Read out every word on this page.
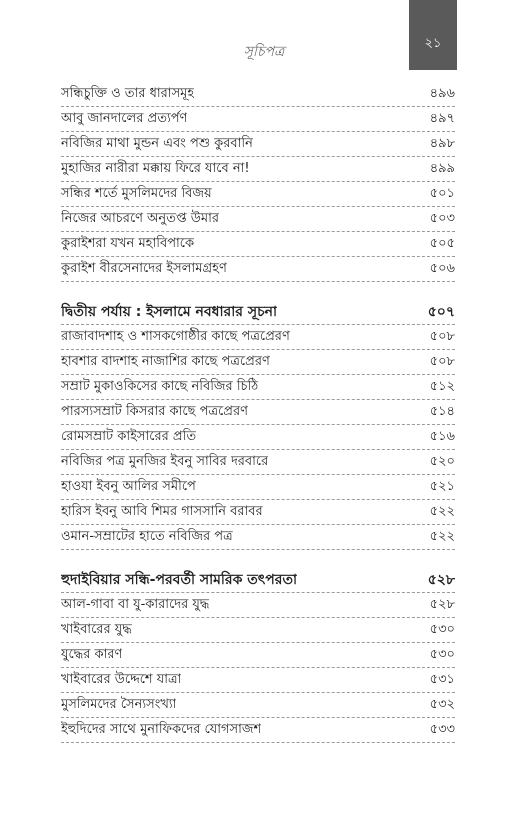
সূচিপত্র
২১
সন্ধিচুক্তি ও তার ধারাসমূহ	৪৯৬
আবু জানদালের প্রত্যর্পণ	৪৯৭
নবিজির মাথা মুন্ডন এবং পশু কুরবানি	৪৯৮
মুহাজির নারীরা মক্কায় ফিরে যাবে না!	৪৯৯
সন্ধির শর্তে মুসলিমদের বিজয়	৫০১
নিজের আচরণে অনুতপ্ত উমার	৫০৩
কুরাইশরা যখন মহাবিপাকে	৫০৫
কুরাইশ বীরসেনাদের ইসলামগ্রহণ	৫০৬
দ্বিতীয় পর্যায় : ইসলামে নবধারার সূচনা	৫০৭
রাজাবাদশাহ ও শাসকগোষ্ঠীর কাছে পত্রপ্রেরণ	৫০৮
হাবশার বাদশাহ নাজাশির কাছে পত্রপ্রেরণ	৫০৮
সম্রাট মুকাওকিসের কাছে নবিজির চিঠি	৫১২
পারস্যসম্রাট কিসরার কাছে পত্রপ্রেরণ	৫১৪
রোমসম্রাট কাইসারের প্রতি	৫১৬
নবিজির পত্র মুনজির ইবনু সাবির দরবারে	৫২০
হাওযা ইবনু আলির সমীপে	৫২১
হারিস ইবনু আবি শিমর গাসসানি বরাবর	৫২২
ওমান-সম্রাটের হাতে নবিজির পত্র	৫২২
হুদাইবিয়ার সন্ধি-পরবর্তী সামরিক তৎপরতা	৫২৮
আল-গাবা বা যু-কারাদের যুদ্ধ	৫২৮
খাইবারের যুদ্ধ	৫৩০
যুদ্ধের কারণ	৫৩০
খাইবারের উদ্দেশে যাত্রা	৫৩১
মুসলিমদের সৈন্যসংখ্যা	৫৩২
ইহুদিদের সাথে মুনাফিকদের যোগসাজশ	৫৩৩
